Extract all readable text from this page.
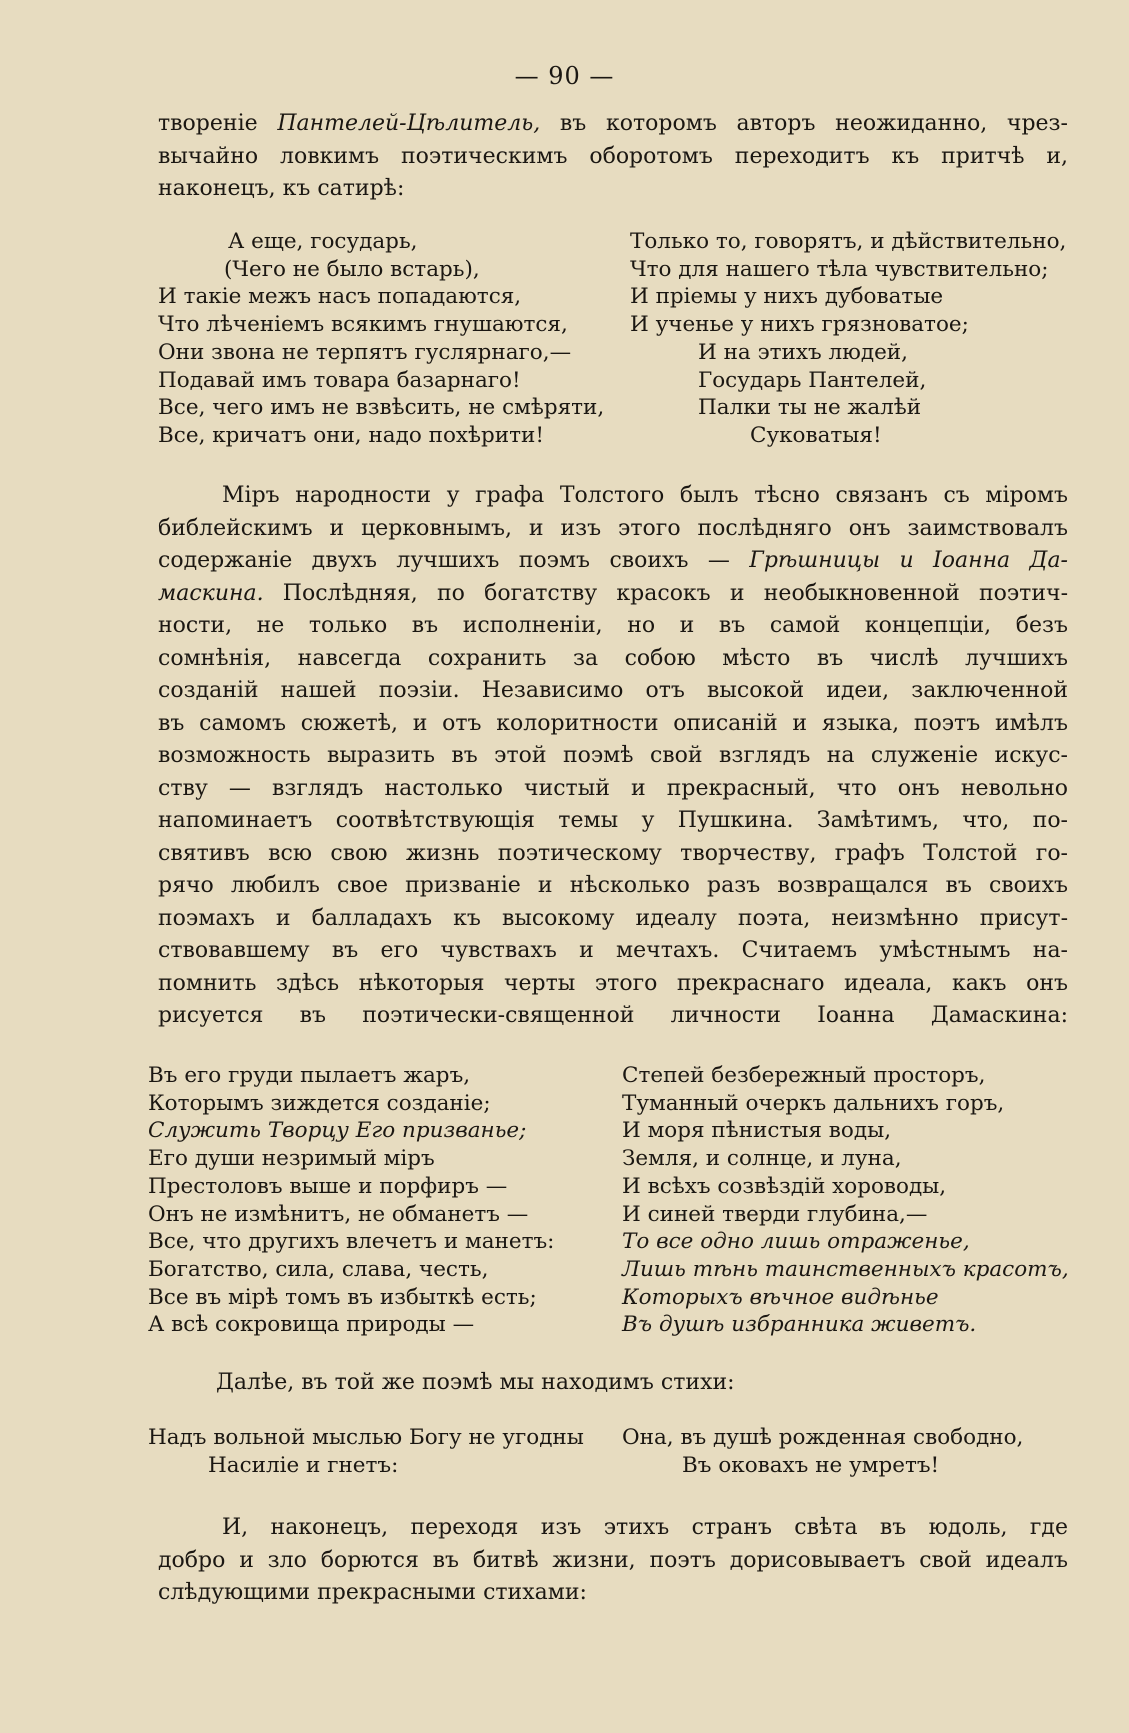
— 90 —
творенiе Пантелей-Цѣлитель, въ которомъ авторъ неожиданно, чрез-
вычайно ловкимъ поэтическимъ оборотомъ переходитъ къ притчѣ и,
наконецъ, къ сатирѣ:
А еще, государь,
(Чего не было встарь),
И такiе межъ насъ попадаются,
Что лѣченiемъ всякимъ гнушаются,
Они звона не терпятъ гуслярнаго,—
Подавай имъ товара базарнаго!
Все, чего имъ не взвѣсить, не смѣряти,
Все, кричатъ они, надо похѣрити!
Только то, говорятъ, и дѣйствительно,
Что для нашего тѣла чувствительно;
И прiемы у нихъ дубоватые
И ученье у нихъ грязноватое;
И на этихъ людей,
Государь Пантелей,
Палки ты не жалѣй
Суковатыя!
Мiръ народности у графа Толстого былъ тѣсно связанъ съ мiромъ
библейскимъ и церковнымъ, и изъ этого послѣдняго онъ заимствовалъ
содержанiе двухъ лучшихъ поэмъ своихъ — Грѣшницы и Iоанна Да-
маскина. Послѣдняя, по богатству красокъ и необыкновенной поэтич-
ности, не только въ исполненiи, но и въ самой концепцiи, безъ
сомнѣнiя, навсегда сохранить за собою мѣсто въ числѣ лучшихъ
созданiй нашей поэзiи. Независимо отъ высокой идеи, заключенной
въ самомъ сюжетѣ, и отъ колоритности описанiй и языка, поэтъ имѣлъ
возможность выразить въ этой поэмѣ свой взглядъ на служенiе искус-
ству — взглядъ настолько чистый и прекрасный, что онъ невольно
напоминаетъ соотвѣтствующiя темы у Пушкина. Замѣтимъ, что, по-
святивъ всю свою жизнь поэтическому творчеству, графъ Толстой го-
рячо любилъ свое призванiе и нѣсколько разъ возвращался въ своихъ
поэмахъ и балладахъ къ высокому идеалу поэта, неизмѣнно присут-
ствовавшему въ его чувствахъ и мечтахъ. Считаемъ умѣстнымъ на-
помнить здѣсь нѣкоторыя черты этого прекраснаго идеала, какъ онъ
рисуется въ поэтически-священной личности Iоанна Дамаскина:
Въ его груди пылаетъ жаръ,
Которымъ зиждется созданiе;
Служить Творцу Его призванье;
Его души незримый мiръ
Престоловъ выше и порфиръ —
Онъ не измѣнитъ, не обманетъ —
Все, что другихъ влечетъ и манетъ:
Богатство, сила, слава, честь,
Все въ мiрѣ томъ въ избыткѣ есть;
А всѣ сокровища природы —
Степей безбережный просторъ,
Туманный очеркъ дальнихъ горъ,
И моря пѣнистыя воды,
Земля, и солнце, и луна,
И всѣхъ созвѣздiй хороводы,
И синей тверди глубина,—
То все одно лишь отраженье,
Лишь тѣнь таинственныхъ красотъ,
Которыхъ вѣчное видѣнье
Въ душѣ избранника живетъ.
Далѣе, въ той же поэмѣ мы находимъ стихи:
Надъ вольной мыслью Богу не угодны
Насилiе и гнетъ:
Она, въ душѣ рожденная свободно,
Въ оковахъ не умретъ!
И, наконецъ, переходя изъ этихъ странъ свѣта въ юдоль, где
добро и зло борются въ битвѣ жизни, поэтъ дорисовываетъ свой идеалъ
слѣдующими прекрасными стихами:
